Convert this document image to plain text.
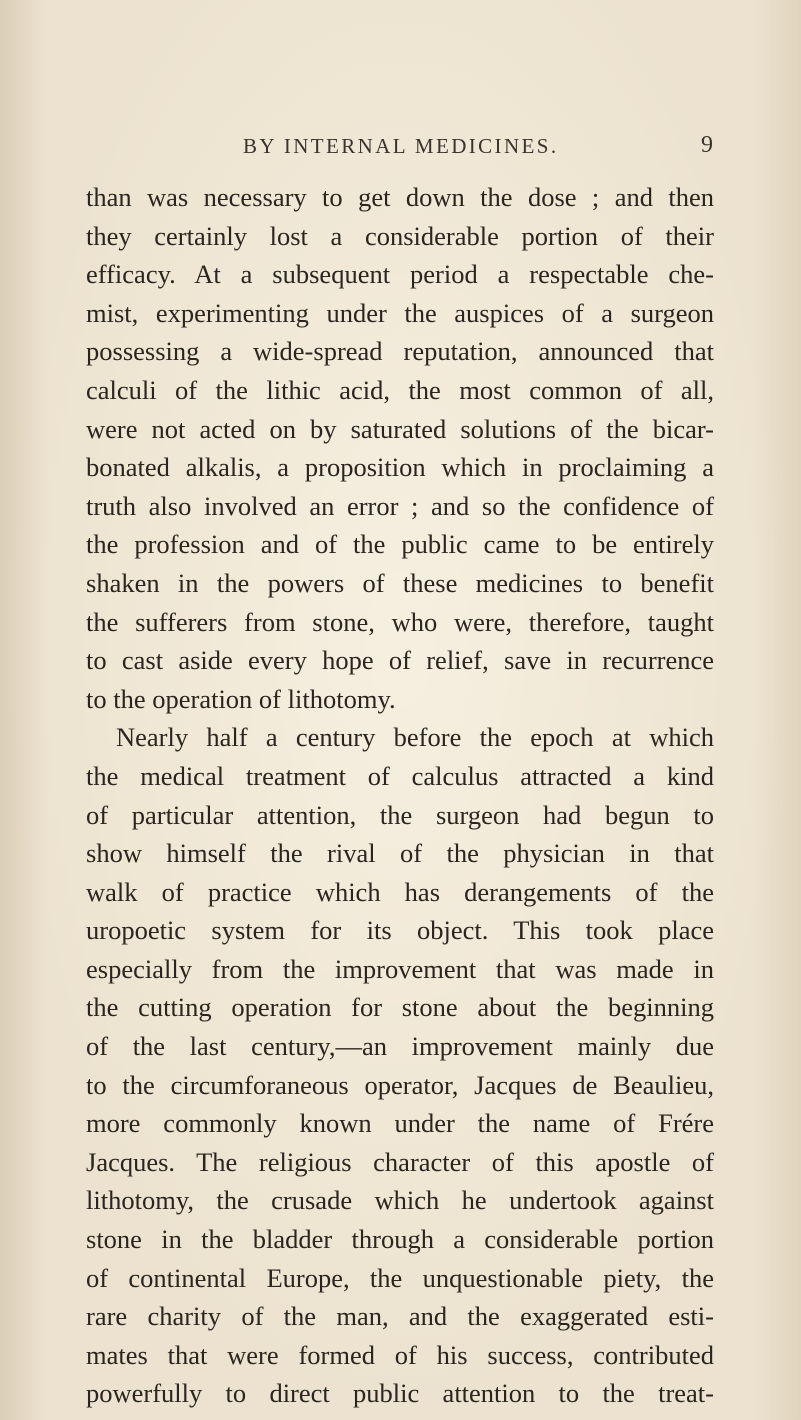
BY INTERNAL MEDICINES.	9
than was necessary to get down the dose ; and then
they certainly lost a considerable portion of their
efficacy. At a subsequent period a respectable che-
mist, experimenting under the auspices of a surgeon
possessing a wide-spread reputation, announced that
calculi of the lithic acid, the most common of all,
were not acted on by saturated solutions of the bicar-
bonated alkalis, a proposition which in proclaiming a
truth also involved an error ; and so the confidence of
the profession and of the public came to be entirely
shaken in the powers of these medicines to benefit
the sufferers from stone, who were, therefore, taught
to cast aside every hope of relief, save in recurrence
to the operation of lithotomy.
Nearly half a century before the epoch at which
the medical treatment of calculus attracted a kind
of particular attention, the surgeon had begun to
show himself the rival of the physician in that
walk of practice which has derangements of the
uropoetic system for its object. This took place
especially from the improvement that was made in
the cutting operation for stone about the beginning
of the last century,—an improvement mainly due
to the circumforaneous operator, Jacques de Beaulieu,
more commonly known under the name of Frére
Jacques. The religious character of this apostle of
lithotomy, the crusade which he undertook against
stone in the bladder through a considerable portion
of continental Europe, the unquestionable piety, the
rare charity of the man, and the exaggerated esti-
mates that were formed of his success, contributed
powerfully to direct public attention to the treat-
